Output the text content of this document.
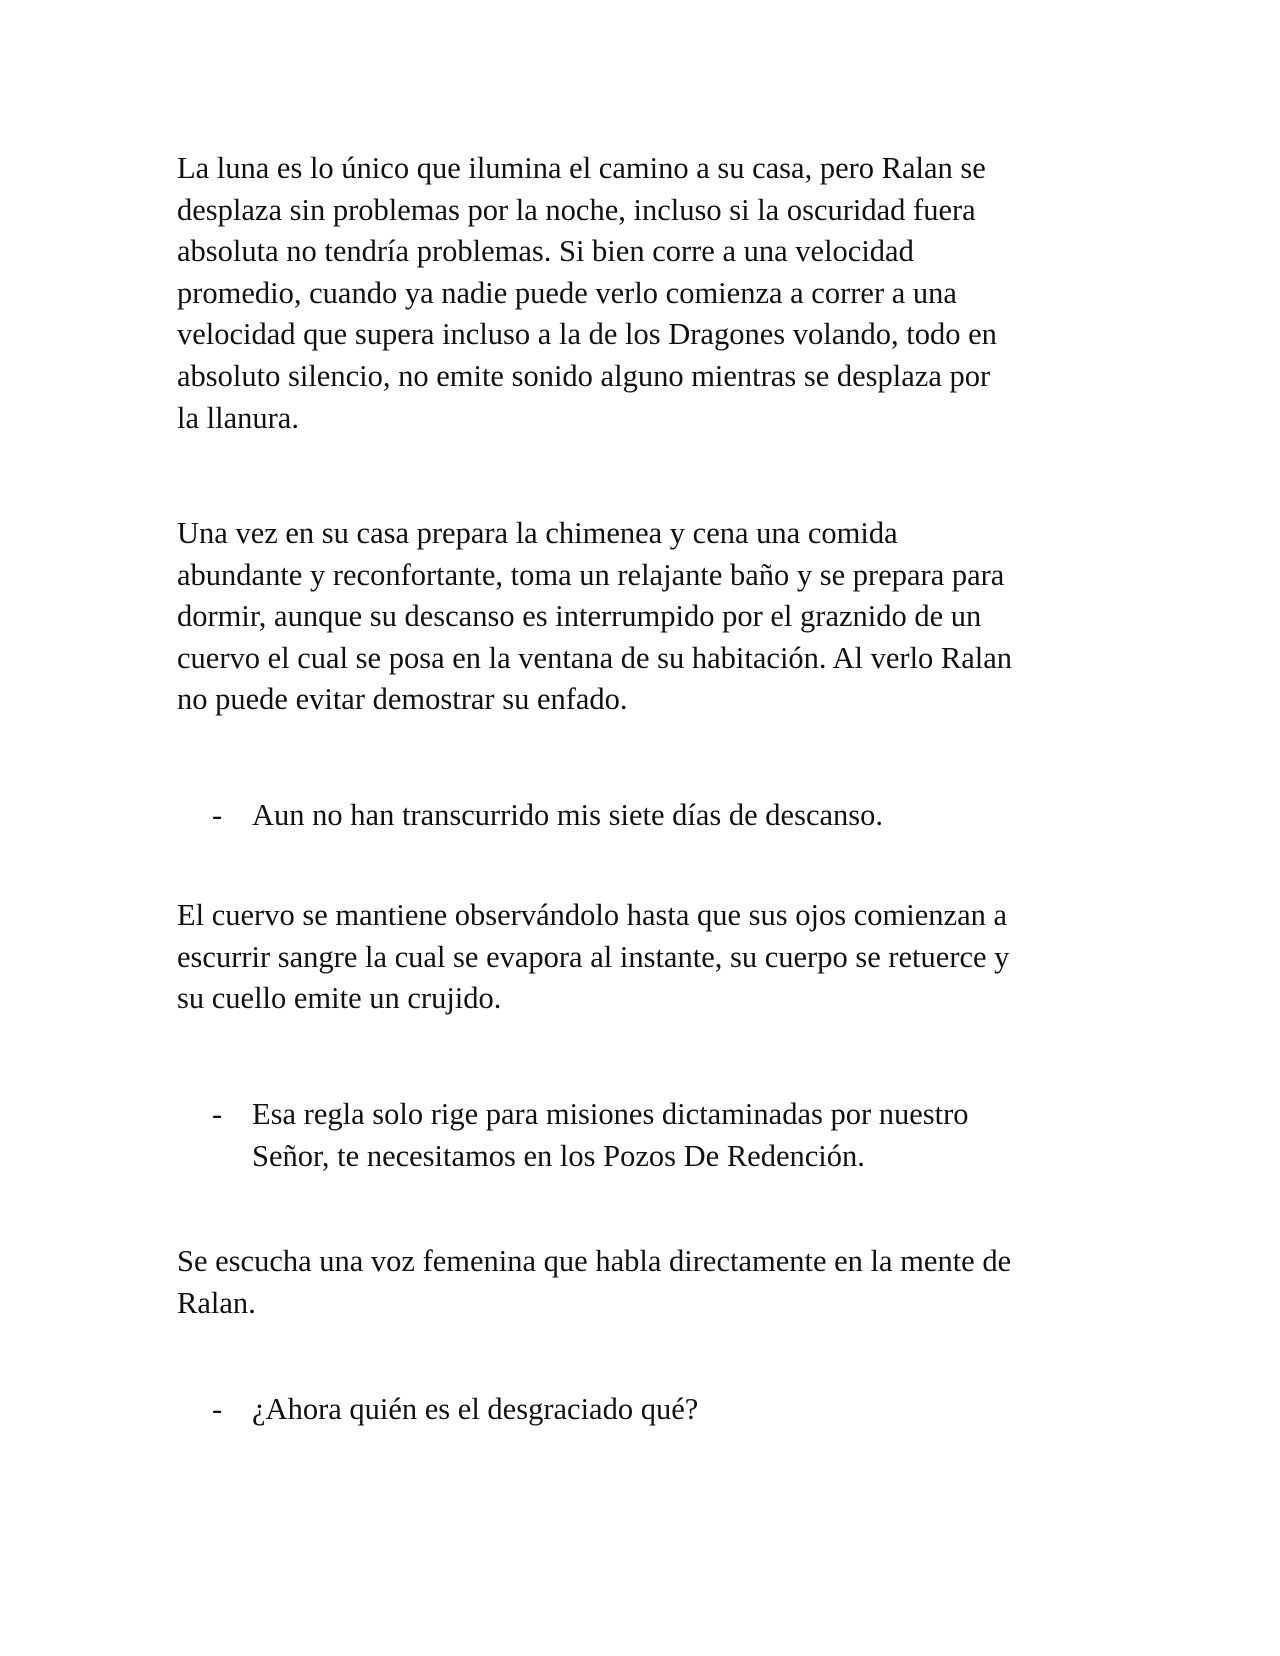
La luna es lo único que ilumina el camino a su casa, pero Ralan se
desplaza sin problemas por la noche, incluso si la oscuridad fuera
absoluta no tendría problemas. Si bien corre a una velocidad
promedio, cuando ya nadie puede verlo comienza a correr a una
velocidad que supera incluso a la de los Dragones volando, todo en
absoluto silencio, no emite sonido alguno mientras se desplaza por
la llanura.

Una vez en su casa prepara la chimenea y cena una comida
abundante y reconfortante, toma un relajante baño y se prepara para
dormir, aunque su descanso es interrumpido por el graznido de un
cuervo el cual se posa en la ventana de su habitación. Al verlo Ralan
no puede evitar demostrar su enfado.

- Aun no han transcurrido mis siete días de descanso.

El cuervo se mantiene observándolo hasta que sus ojos comienzan a
escurrir sangre la cual se evapora al instante, su cuerpo se retuerce y
su cuello emite un crujido.

- Esa regla solo rige para misiones dictaminadas por nuestro
Señor, te necesitamos en los Pozos De Redención.

Se escucha una voz femenina que habla directamente en la mente de
Ralan.

- ¿Ahora quién es el desgraciado qué?
